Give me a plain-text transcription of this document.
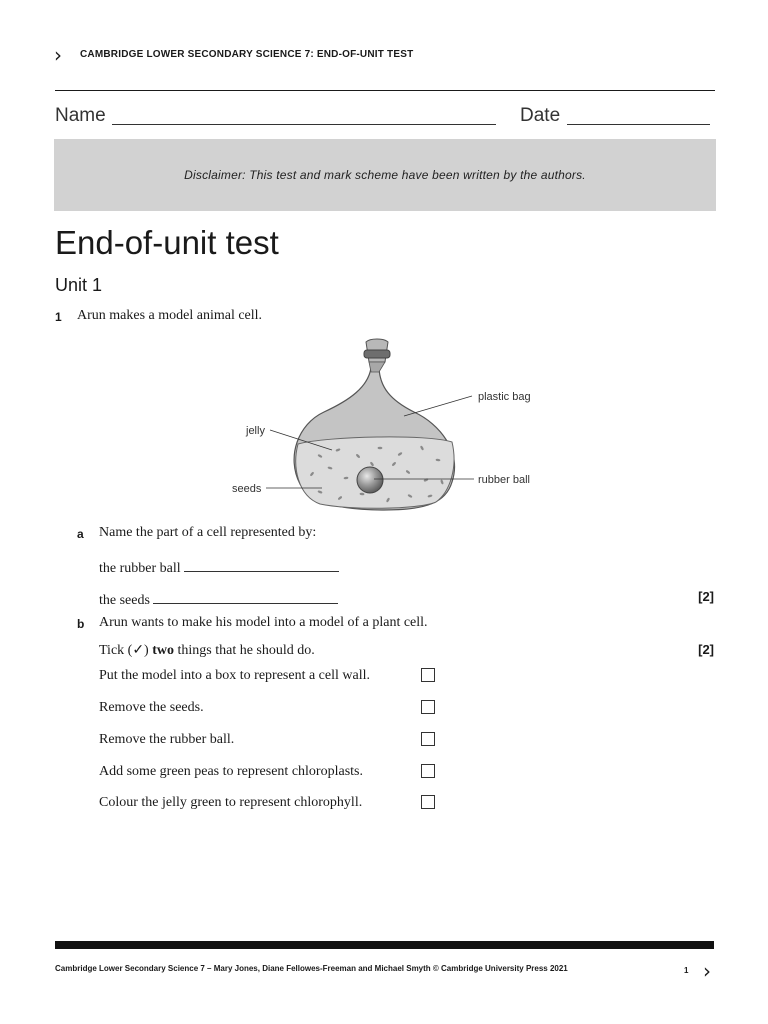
› CAMBRIDGE LOWER SECONDARY SCIENCE 7: END-OF-UNIT TEST
Name	Date
Disclaimer: This test and mark scheme have been written by the authors.
End-of-unit test
Unit 1
1 Arun makes a model animal cell.
plastic bag
jelly
seeds
rubber ball
a Name the part of a cell represented by:
the rubber ball
the seeds	[2]
b Arun wants to make his model into a model of a plant cell.
Tick (✓) two things that he should do.	[2]
Put the model into a box to represent a cell wall.
Remove the seeds.
Remove the rubber ball.
Add some green peas to represent chloroplasts.
Colour the jelly green to represent chlorophyll.
Cambridge Lower Secondary Science 7 – Mary Jones, Diane Fellowes-Freeman and Michael Smyth © Cambridge University Press 2021	1 ›
